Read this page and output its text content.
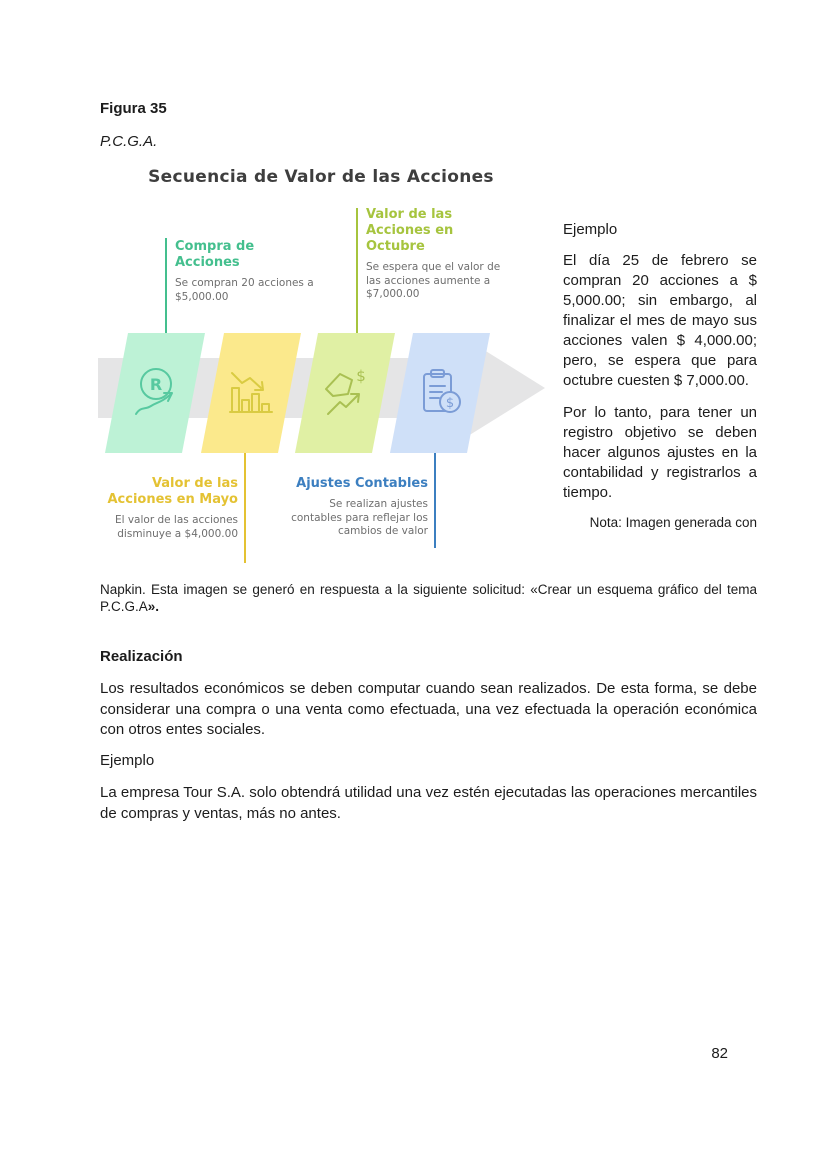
Figura 35
P.C.G.A.
Secuencia de Valor de las Acciones
R	$
$
Compra de Acciones
Se compran 20 acciones a $5,000.00
Valor de las Acciones en Octubre
Se espera que el valor de las acciones aumente a $7,000.00
Valor de las Acciones en Mayo
El valor de las acciones disminuye a $4,000.00
Ajustes Contables
Se realizan ajustes contables para reflejar los cambios de valor
Ejemplo

El día 25 de febrero se compran 20 acciones a $ 5,000.00; sin embargo, al finalizar el mes de mayo sus acciones valen $ 4,000.00; pero, se espera que para octubre cuesten $ 7,000.00.

Por lo tanto, para tener un registro objetivo se deben hacer algunos ajustes en la contabilidad y registrarlos a tiempo.

Nota: Imagen generada con
Napkin. Esta imagen se generó en respuesta a la siguiente solicitud: «Crear un esquema gráfico del tema P.C.G.A».
Realización
Los resultados económicos se deben computar cuando sean realizados. De esta forma, se debe considerar una compra o una venta como efectuada, una vez efectuada la operación económica con otros entes sociales.
Ejemplo
La empresa Tour S.A. solo obtendrá utilidad una vez estén ejecutadas las operaciones mercantiles de compras y ventas, más no antes.
82
